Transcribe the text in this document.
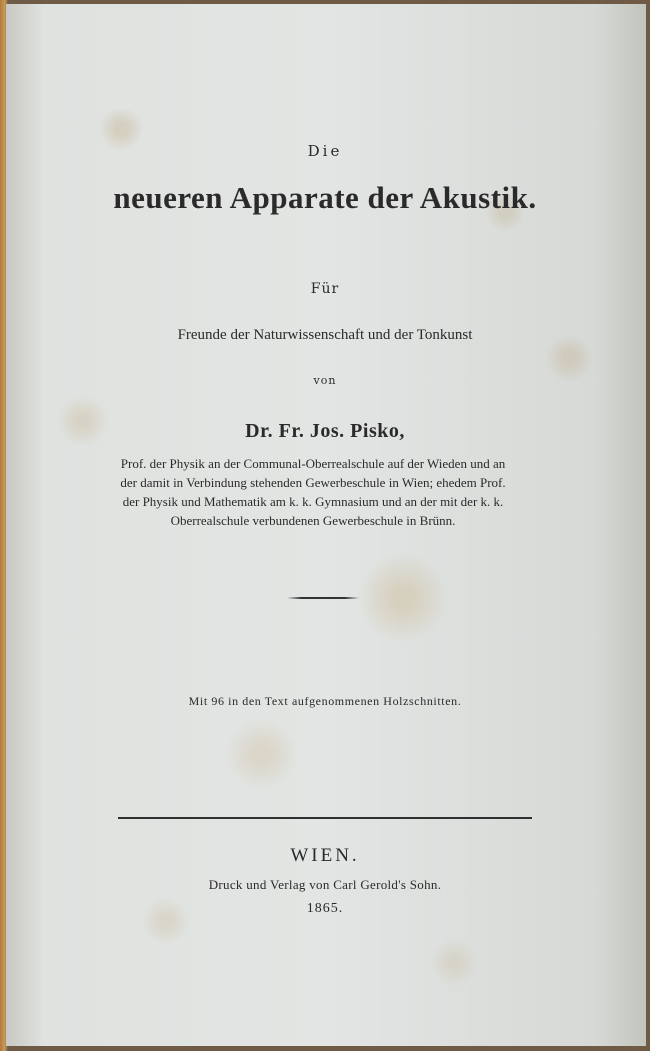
Die
neueren Apparate der Akustik.
Für
Freunde der Naturwissenschaft und der Tonkunst
von
Dr. Fr. Jos. Pisko,
Prof. der Physik an der Communal-Oberrealschule auf der Wieden und an
der damit in Verbindung stehenden Gewerbeschule in Wien; ehedem Prof.
der Physik und Mathematik am k. k. Gymnasium und an der mit der k. k.
Oberrealschule verbundenen Gewerbeschule in Brünn.
Mit 96 in den Text aufgenommenen Holzschnitten.
WIEN.
Druck und Verlag von Carl Gerold's Sohn.
1865.
